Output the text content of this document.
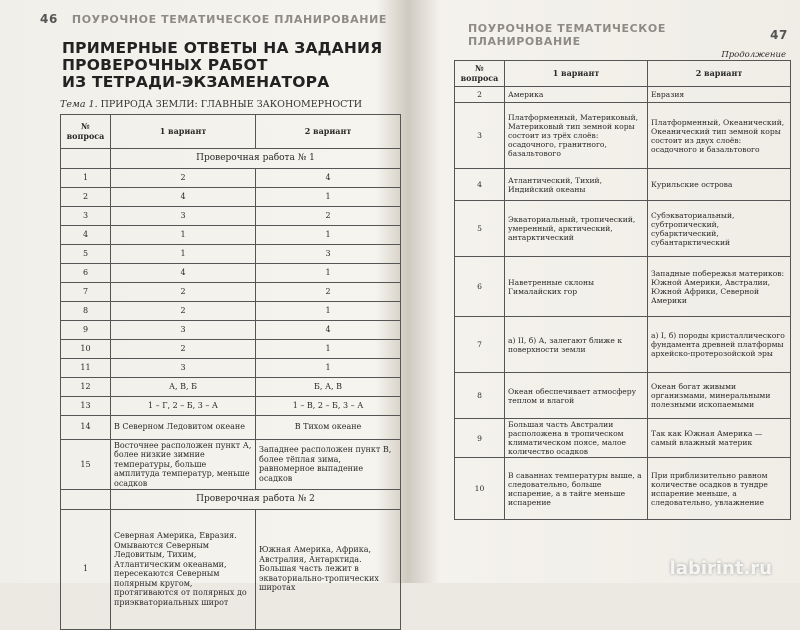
46 ПОУРОЧНОЕ ТЕМАТИЧЕСКОЕ ПЛАНИРОВАНИЕ
ПРИМЕРНЫЕ ОТВЕТЫ НА ЗАДАНИЯ
ПРОВЕРОЧНЫХ РАБОТ
ИЗ ТЕТРАДИ-ЭКЗАМЕНАТОРА
Тема 1. ПРИРОДА ЗЕМЛИ: ГЛАВНЫЕ ЗАКОНОМЕРНОСТИ
№ вопроса	1 вариант	2 вариант
	Проверочная работа № 1	
1	2	4
2	4	1
3	3	2
4	1	1
5	1	3
6	4	1
7	2	2
8	2	1
9	3	4
10	2	1
11	3	1
12	А, В, Б	Б, А, В
13	1 – Г, 2 – Б, 3 – А	1 – В, 2 – Б, 3 – А
14	В Северном Ледовитом океане	В Тихом океане
15	Восточнее расположен пункт А, более низкие зимние температуры, больше амплитуда температур, меньше осадков	Западнее расположен пункт В, более тёплая зима, равномерное выпадение осадков
	Проверочная работа № 2	
1	Северная Америка, Евразия. Омываются Северным Ледовитым, Тихим, Атлантическим океанами, пересекаются Северным полярным кругом, протягиваются от полярных до приэкваториальных широт	Южная Америка, Африка, Австралия, Антарктида. Большая часть лежит в экваториально-тропических широтах
ПОУРОЧНОЕ ТЕМАТИЧЕСКОЕ ПЛАНИРОВАНИЕ	47
Продолжение
№ вопроса	1 вариант	2 вариант
2	Америка	Евразия
3	Платформенный, Материковый, Материковый тип земной коры состоит из трёх слоёв: осадочного, гранитного, базальтового	Платформенный, Океанический, Океанический тип земной коры состоит из двух слоёв: осадочного и базальтового
4	Атлантический, Тихий, Индийский океаны	Курильские острова
5	Экваториальный, тропический, умеренный, арктический, антарктический	Субэкваториальный, субтропический, субарктический, субантарктический
6	Наветренные склоны Гималайских гор	Западные побережья материков: Южной Америки, Австралии, Южной Африки, Северной Америки
7	а) II, б) А, залегают ближе к поверхности земли	а) I, б) породы кристаллического фундамента древней платформы архейско-протерозойской эры
8	Океан обеспечивает атмосферу теплом и влагой	Океан богат живыми организмами, минеральными полезными ископаемыми
9	Большая часть Австралии расположена в тропическом климатическом поясе, малое количество осадков	Так как Южная Америка — самый влажный материк
10	В саваннах температуры выше, а следовательно, больше испарение, а в тайге меньше испарение	При приблизительно равном количестве осадков в тундре испарение меньше, а следовательно, увлажнение
labirint.ru
